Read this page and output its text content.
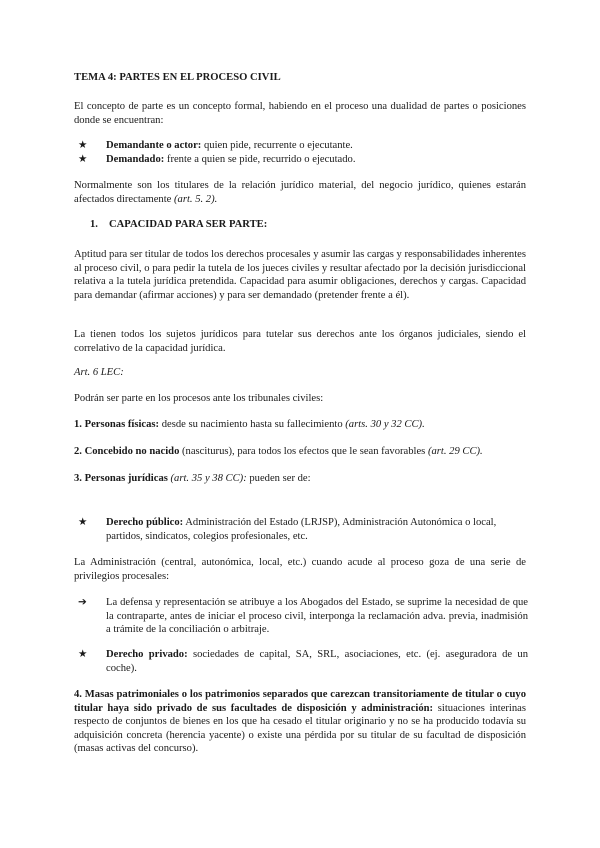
TEMA 4: PARTES EN EL PROCESO CIVIL
El concepto de parte es un concepto formal, habiendo en el proceso una dualidad de partes o posiciones donde se encuentran:
★ Demandante o actor: quien pide, recurrente o ejecutante.
★ Demandado: frente a quien se pide, recurrido o ejecutado.
Normalmente son los titulares de la relación jurídico material, del negocio jurídico, quienes estarán afectados directamente (art. 5. 2).
1. CAPACIDAD PARA SER PARTE:
Aptitud para ser titular de todos los derechos procesales y asumir las cargas y responsabilidades inherentes al proceso civil, o para pedir la tutela de los jueces civiles y resultar afectado por la decisión jurisdiccional relativa a la tutela jurídica pretendida. Capacidad para asumir obligaciones, derechos y cargas. Capacidad para demandar (afirmar acciones) y para ser demandado (pretender frente a él).
La tienen todos los sujetos jurídicos para tutelar sus derechos ante los órganos judiciales, siendo el correlativo de la capacidad jurídica.
Art. 6 LEC:
Podrán ser parte en los procesos ante los tribunales civiles:
1. Personas físicas: desde su nacimiento hasta su fallecimiento (arts. 30 y 32 CC).
2. Concebido no nacido (nasciturus), para todos los efectos que le sean favorables (art. 29 CC).
3. Personas jurídicas (art. 35 y 38 CC): pueden ser de:
★ Derecho público: Administración del Estado (LRJSP), Administración Autonómica o local, partidos, sindicatos, colegios profesionales, etc.
La Administración (central, autonómica, local, etc.) cuando acude al proceso goza de una serie de privilegios procesales:
➔ La defensa y representación se atribuye a los Abogados del Estado, se suprime la necesidad de que la contraparte, antes de iniciar el proceso civil, interponga la reclamación adva. previa, inadmisión a trámite de la conciliación o arbitraje.
★ Derecho privado: sociedades de capital, SA, SRL, asociaciones, etc. (ej. aseguradora de un coche).
4. Masas patrimoniales o los patrimonios separados que carezcan transitoriamente de titular o cuyo titular haya sido privado de sus facultades de disposición y administración: situaciones interinas respecto de conjuntos de bienes en los que ha cesado el titular originario y no se ha producido todavía su adquisición concreta (herencia yacente) o existe una pérdida por su titular de su facultad de disposición (masas activas del concurso).
